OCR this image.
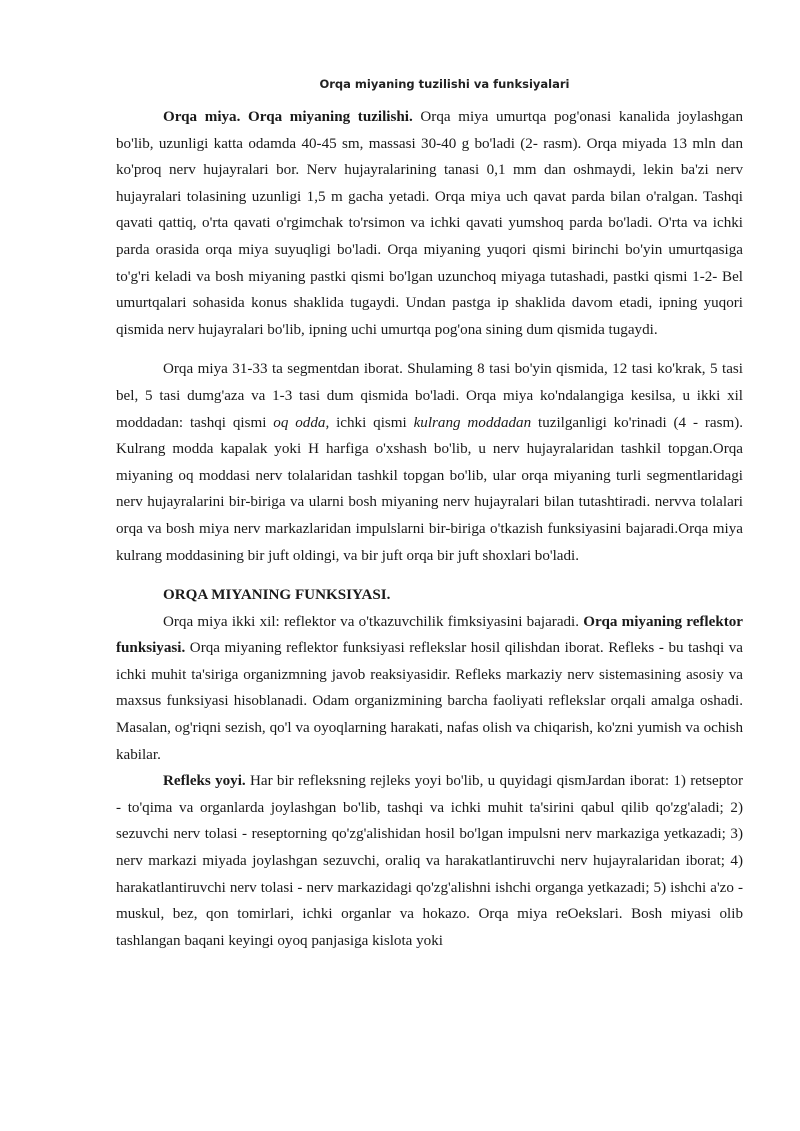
Orqa miyaning tuzilishi va funksiyalari

Orqa miya. Orqa miyaning tuzilishi. Orqa miya umurtqa pog'onasi kanalida joylashgan bo'lib, uzunligi katta odamda 40-45 sm, massasi 30-40 g bo'ladi (2- rasm). Orqa miyada 13 mln dan ko'proq nerv hujayralari bor. Nerv hujayralarining tanasi 0,1 mm dan oshmaydi, lekin ba'zi nerv hujayralari tolasining uzunligi 1,5 m gacha yetadi. Orqa miya uch qavat parda bilan o'ralgan. Tashqi qavati qattiq, o'rta qavati o'rgimchak to'rsimon va ichki qavati yumshoq parda bo'ladi. O'rta va ichki parda orasida orqa miya suyuqligi bo'ladi. Orqa miyaning yuqori qismi birinchi bo'yin umurtqasiga to'g'ri keladi va bosh miyaning pastki qismi bo'lgan uzunchoq miyaga tutashadi, pastki qismi 1-2- Bel umurtqalari sohasida konus shaklida tugaydi. Undan pastga ip shaklida davom etadi, ipning yuqori qismida nerv hujayralari bo'lib, ipning uchi umurtqa pog'ona sining dum qismida tugaydi.

Orqa miya 31-33 ta segmentdan iborat. Shulaming 8 tasi bo'yin qismida, 12 tasi ko'krak, 5 tasi bel, 5 tasi dumg'aza va 1-3 tasi dum qismida bo'ladi. Orqa miya ko'ndalangiga kesilsa, u ikki xil moddadan: tashqi qismi oq odda, ichki qismi kulrang moddadan tuzilganligi ko'rinadi (4 - rasm). Kulrang modda kapalak yoki H harfiga o'xshash bo'lib, u nerv hujayralaridan tashkil topgan.Orqa miyaning oq moddasi nerv tolalaridan tashkil topgan bo'lib, ular orqa miyaning turli segmentlaridagi nerv hujayralarini bir-biriga va ularni bosh miyaning nerv hujayralari bilan tutashtiradi. nervva tolalari orqa va bosh miya nerv markazlaridan impulslarni bir-biriga o'tkazish funksiyasini bajaradi.Orqa miya kulrang moddasining bir juft oldingi, va bir juft orqa bir juft shoxlari bo'ladi.

ORQA MIYANING FUNKSIYASI.

Orqa miya ikki xil: reflektor va o'tkazuvchilik fimksiyasini bajaradi. Orqa miyaning reflektor funksiyasi. Orqa miyaning reflektor funksiyasi reflekslar hosil qilishdan iborat. Refleks - bu tashqi va ichki muhit ta'siriga organizmning javob reaksiyasidir. Refleks markaziy nerv sistemasining asosiy va maxsus funksiyasi hisoblanadi. Odam organizmining barcha faoliyati reflekslar orqali amalga oshadi. Masalan, og'riqni sezish, qo'l va oyoqlarning harakati, nafas olish va chiqarish, ko'zni yumish va ochish kabilar.

Refleks yoyi. Har bir refleksning rejleks yoyi bo'lib, u quyidagi qismJardan iborat: 1) retseptor - to'qima va organlarda joylashgan bo'lib, tashqi va ichki muhit ta'sirini qabul qilib qo'zg'aladi; 2) sezuvchi nerv tolasi - reseptorning qo'zg'alishidan hosil bo'lgan impulsni nerv markaziga yetkazadi; 3) nerv markazi miyada joylashgan sezuvchi, oraliq va harakatlantiruvchi nerv hujayralaridan iborat; 4) harakatlantiruvchi nerv tolasi - nerv markazidagi qo'zg'alishni ishchi organga yetkazadi; 5) ishchi a'zo - muskul, bez, qon tomirlari, ichki organlar va hokazo. Orqa miya reOekslari. Bosh miyasi olib tashlangan baqani keyingi oyoq panjasiga kislota yoki
